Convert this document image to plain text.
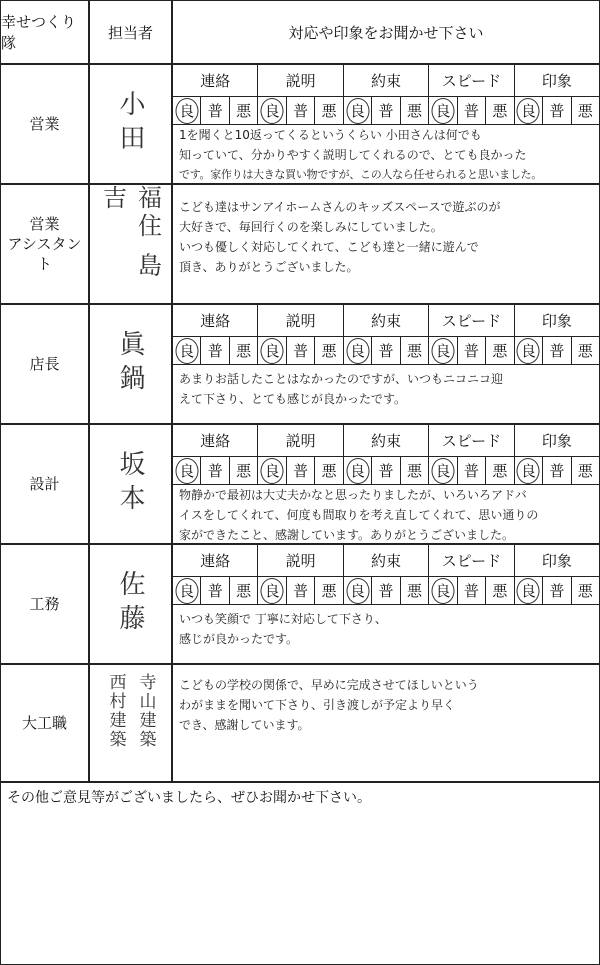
幸せつくり隊
担当者	対応や印象をお聞かせ下さい
営業	小田
連絡	説明	約束	スピード	印象
良 普 悪 良 普 悪 良 普 悪 良 普 悪 良 普 悪
1を聞くと10返ってくるというくらい 小田さんは何でも
知っていて、分かりやすく説明してくれるので、とても良かった
です。家作りは大きな買い物ですが、この人なら任せられると思いました。
営業
アシスタント	福住 島吉	こども達はサンアイホームさんのキッズスペースで遊ぶのが
大好きで、毎回行くのを楽しみにしていました。
いつも優しく対応してくれて、こども達と一緒に遊んで
頂き、ありがとうございました。
店長	眞鍋
連絡	説明	約束	スピード	印象
良 普 悪 良 普 悪 良 普 悪 良 普 悪 良 普 悪
あまりお話したことはなかったのですが、いつもニコニコ迎
えて下さり、とても感じが良かったです。
設計	坂本
連絡	説明	約束	スピード	印象
良 普 悪 良 普 悪 良 普 悪 良 普 悪 良 普 悪
物静かで最初は大丈夫かなと思ったりましたが、いろいろアドバ
イスをしてくれて、何度も間取りを考え直してくれて、思い通りの
家ができたこと、感謝しています。ありがとうございました。
工務	佐藤
連絡	説明	約束	スピード	印象
良 普 悪 良 普 悪 良 普 悪 良 普 悪 良 普 悪
いつも笑顔で 丁寧に対応して下さり、
感じが良かったです。
大工職	寺山建築 西村建築	こどもの学校の関係で、早めに完成させてほしいという
わがままを聞いて下さり、引き渡しが予定より早く
でき、感謝しています。
その他ご意見等がございましたら、ぜひお聞かせ下さい。
